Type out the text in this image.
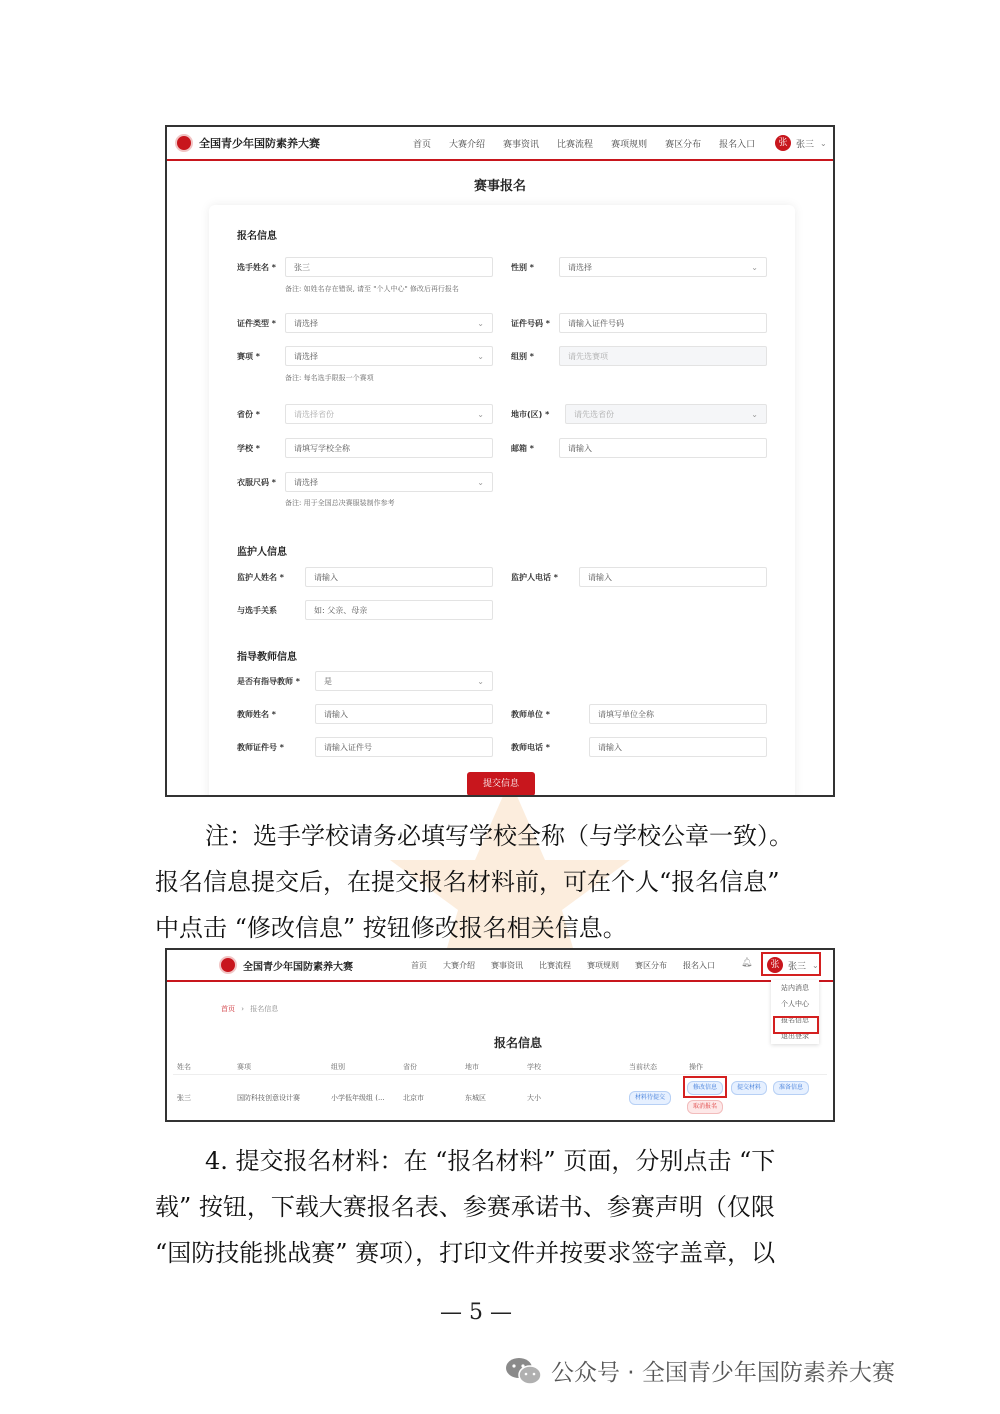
全国青少年国防素养大赛	首页 大赛介绍 赛事资讯 比赛流程 赛项规则 赛区分布 报名入口	张 张三 ⌄
赛事报名
报名信息
选手姓名 *	张三	性别 *	请选择	⌄
备注: 如姓名存在错误, 请至 "个人中心" 修改后再行报名
证件类型 *	请选择	⌄	证件号码 *	请输入证件号码
赛项 *	请选择	⌄	组别 *	请先选赛项
备注: 每名选手限报一个赛项
省份 *	请选择省份	⌄	地市(区) *	请先选省份	⌄
学校 *	请填写学校全称	邮箱 *	请输入
衣服尺码 *	请选择	⌄
备注: 用于全国总决赛服装制作参考
监护人信息
监护人姓名 *	请输入	监护人电话 *	请输入
与选手关系	如: 父亲、母亲
指导教师信息
是否有指导教师 *	是	⌄
教师姓名 *	请输入	教师单位 *	请填写单位全称
教师证件号 *	请输入证件号	教师电话 *	请输入
提交信息
注：选手学校请务必填写学校全称（与学校公章一致）。
报名信息提交后，在提交报名材料前，可在个人“报名信息”
中点击 “修改信息” 按钮修改报名相关信息。
全国青少年国防素养大赛	首页 大赛介绍 赛事资讯 比赛流程 赛项规则 赛区分布 报名入口	🔔︎	张 张三 ⌄
首页 › 报名信息
报名信息
站内消息
个人中心
报名信息
退出登录
姓名	赛项	组别	省份	地市	学校	当前状态	操作
张三	国防科技创意设计赛	小学低年级组 (...	北京市	东城区	大小	材料待提交
修改信息	提交材料	准备信息
取消报名
4. 提交报名材料：在 “报名材料” 页面，分别点击 “下
载” 按钮，下载大赛报名表、参赛承诺书、参赛声明（仅限
“国防技能挑战赛” 赛项），打印文件并按要求签字盖章，以
— 5 —
公众号 · 全国青少年国防素养大赛
